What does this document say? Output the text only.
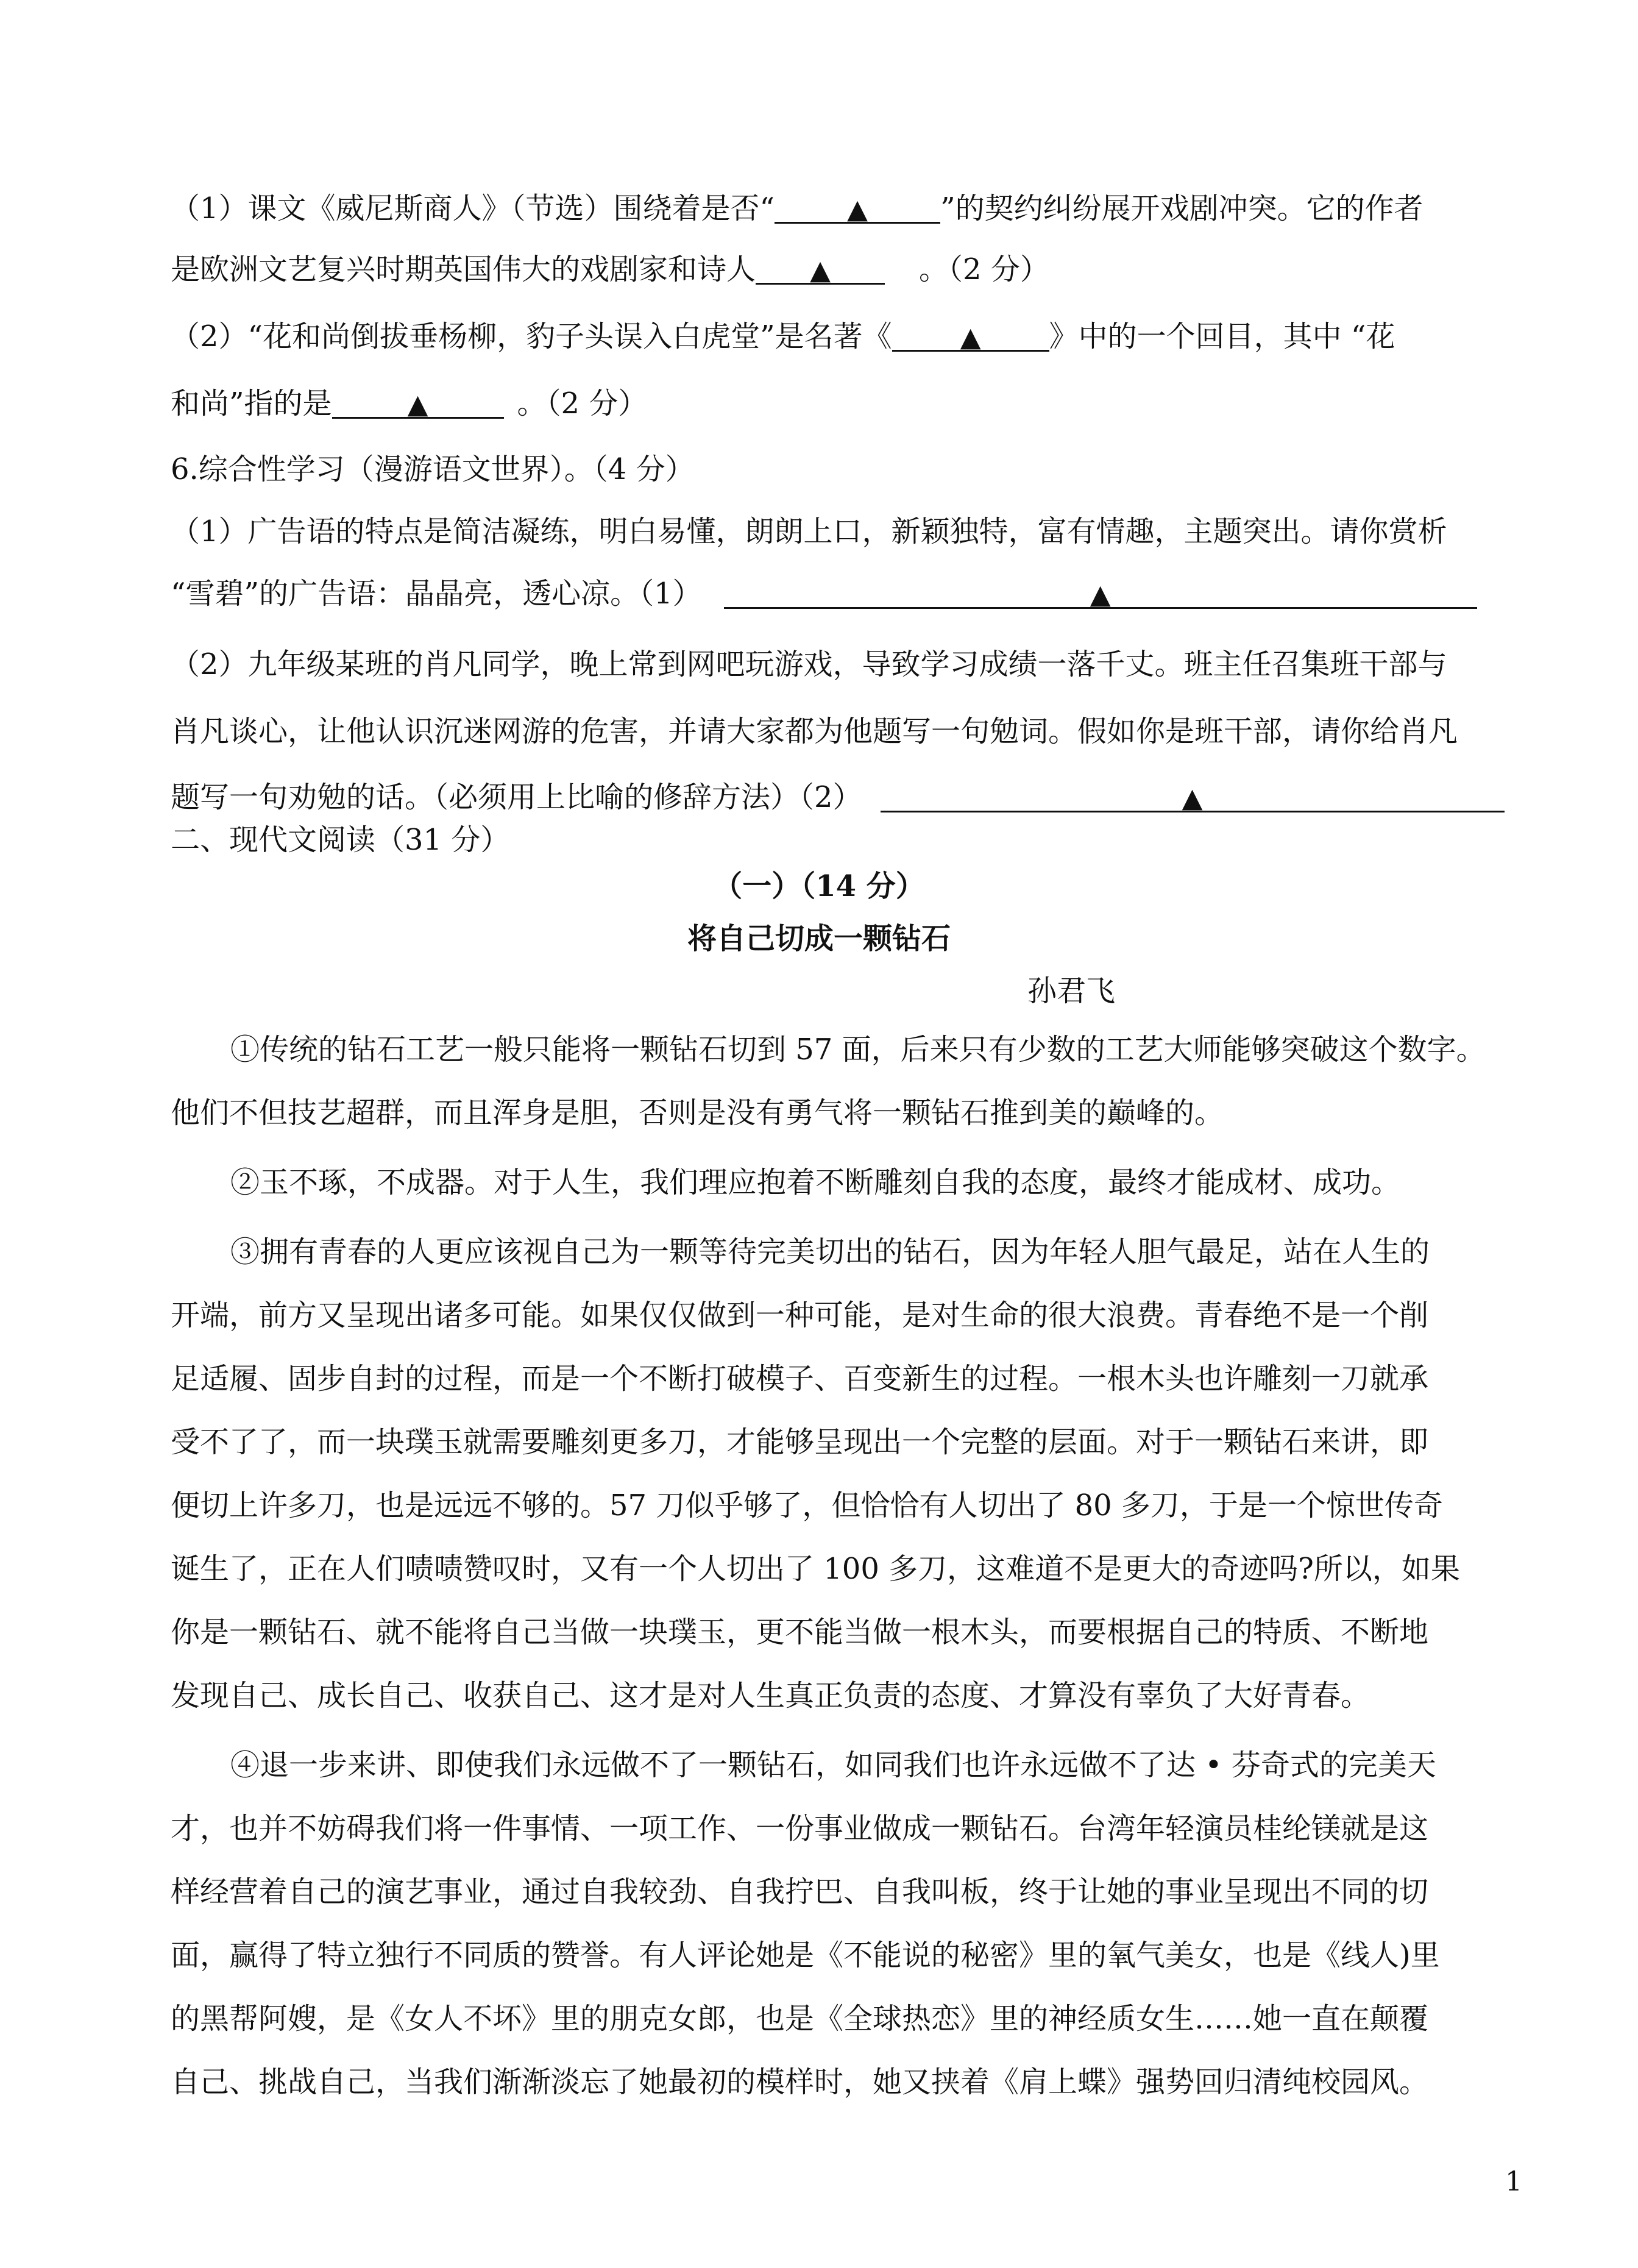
（1）课文《威尼斯商人》（节选）围绕着是否“	▲ ”的契约纠纷展开戏剧冲突。它的作者
是欧洲文艺复兴时期英国伟大的戏剧家和诗人 ▲	。（2 分）
（2）“花和尚倒拔垂杨柳，豹子头误入白虎堂”是名著《	▲ 》中的一个回目，其中 “花
和尚”指的是	▲	。（2 分）
6.综合性学习（漫游语文世界）。（4 分）
（1）广告语的特点是简洁凝练，明白易懂，朗朗上口，新颖独特，富有情趣，主题突出。请你赏析
“雪碧”的广告语：晶晶亮，透心凉。（1）	▲
（2）九年级某班的肖凡同学，晚上常到网吧玩游戏，导致学习成绩一落千丈。班主任召集班干部与
肖凡谈心，让他认识沉迷网游的危害，并请大家都为他题写一句勉词。假如你是班干部，请你给肖凡
题写一句劝勉的话。（必须用上比喻的修辞方法）（2）	▲
二、现代文阅读（31 分）
（一）（14 分）
将自己切成一颗钻石
孙君飞
①传统的钻石工艺一般只能将一颗钻石切到 57 面，后来只有少数的工艺大师能够突破这个数字。
他们不但技艺超群，而且浑身是胆，否则是没有勇气将一颗钻石推到美的巅峰的。
②玉不琢，不成器。对于人生，我们理应抱着不断雕刻自我的态度，最终才能成材、成功。
③拥有青春的人更应该视自己为一颗等待完美切出的钻石，因为年轻人胆气最足，站在人生的
开端，前方又呈现出诸多可能。如果仅仅做到一种可能，是对生命的很大浪费。青春绝不是一个削
足适履、固步自封的过程，而是一个不断打破模子、百变新生的过程。一根木头也许雕刻一刀就承
受不了了，而一块璞玉就需要雕刻更多刀，才能够呈现出一个完整的层面。对于一颗钻石来讲，即
便切上许多刀，也是远远不够的。57 刀似乎够了，但恰恰有人切出了 80 多刀，于是一个惊世传奇
诞生了，正在人们啧啧赞叹时，又有一个人切出了 100 多刀，这难道不是更大的奇迹吗?所以，如果
你是一颗钻石、就不能将自己当做一块璞玉，更不能当做一根木头，而要根据自己的特质、不断地
发现自己、成长自己、收获自己、这才是对人生真正负责的态度、才算没有辜负了大好青春。
④退一步来讲、即使我们永远做不了一颗钻石，如同我们也许永远做不了达 • 芬奇式的完美天
才，也并不妨碍我们将一件事情、一项工作、一份事业做成一颗钻石。台湾年轻演员桂纶镁就是这
样经营着自己的演艺事业，通过自我较劲、自我拧巴、自我叫板，终于让她的事业呈现出不同的切
面，赢得了特立独行不同质的赞誉。有人评论她是《不能说的秘密》里的氧气美女，也是《线人)里
的黑帮阿嫂，是《女人不坏》里的朋克女郎，也是《全球热恋》里的神经质女生……她一直在颠覆
自己、挑战自己，当我们渐渐淡忘了她最初的模样时，她又挟着《肩上蝶》强势回归清纯校园风。
1
